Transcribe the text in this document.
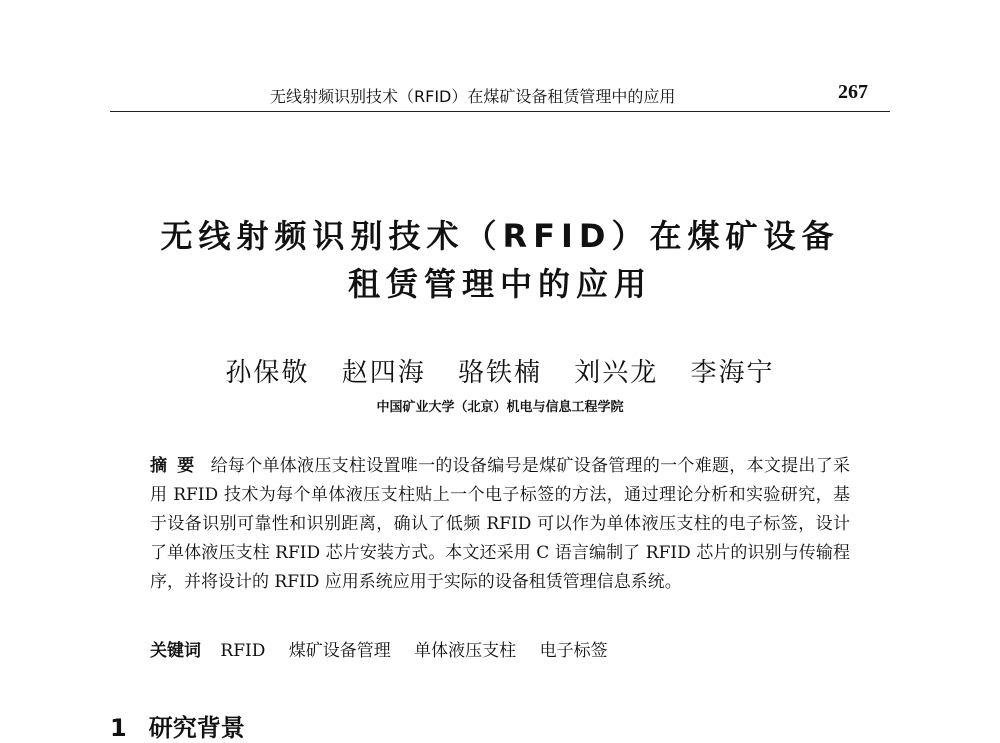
无线射频识别技术（RFID）在煤矿设备租赁管理中的应用	267
无线射频识别技术（RFID）在煤矿设备
租赁管理中的应用
孙保敬 赵四海 骆铁楠 刘兴龙 李海宁
中国矿业大学（北京）机电与信息工程学院
摘要 给每个单体液压支柱设置唯一的设备编号是煤矿设备管理的一个难题，本文提出了采用 RFID 技术为每个单体液压支柱贴上一个电子标签的方法，通过理论分析和实验研究，基于设备识别可靠性和识别距离，确认了低频 RFID 可以作为单体液压支柱的电子标签，设计了单体液压支柱 RFID 芯片安装方式。本文还采用 C 语言编制了 RFID 芯片的识别与传输程序，并将设计的 RFID 应用系统应用于实际的设备租赁管理信息系统。
关键词 RFID 煤矿设备管理 单体液压支柱 电子标签
1 研究背景
